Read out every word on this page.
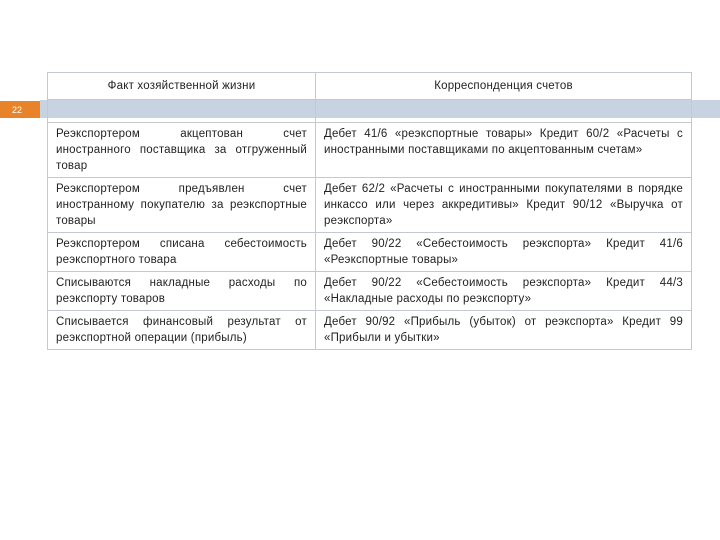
22
Факт хозяйственной жизни	Корреспонденция счетов

Реэкспортером акцептован счет иностранного поставщика за отгруженный товар	Дебет 41/6 «реэкспортные товары» Кредит 60/2 «Расчеты с иностранными поставщиками по акцептованным счетам»
Реэкспортером предъявлен счет иностранному покупателю за реэкспортные товары	Дебет 62/2 «Расчеты с иностранными покупателями в порядке инкассо или через аккредитивы» Кредит 90/12 «Выручка от реэкспорта»
Реэкспортером списана себестоимость реэкспортного товара	Дебет 90/22 «Себестоимость реэкспорта» Кредит 41/6 «Реэкспортные товары»
Списываются накладные расходы по реэкспорту товаров	Дебет 90/22 «Себестоимость реэкспорта» Кредит 44/3 «Накладные расходы по реэкспорту»
Списывается финансовый результат от реэкспортной операции (прибыль)	Дебет 90/92 «Прибыль (убыток) от реэкспорта» Кредит 99 «Прибыли и убытки»
